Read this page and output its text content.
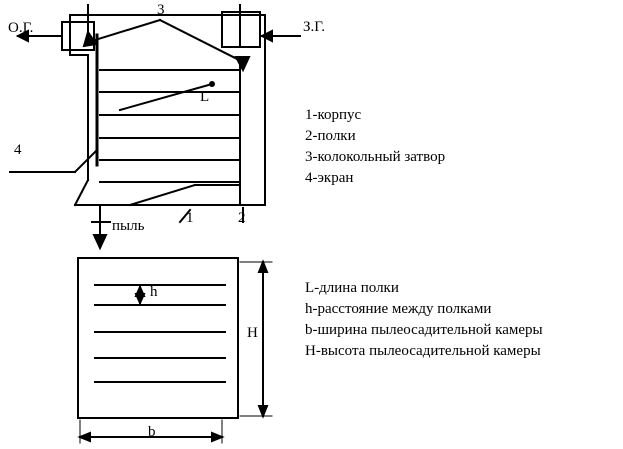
О.Г.	З.Г.
3
4
1	2
L
пыль
h
H
b
1-корпус
2-полки
3-колокольный затвор
4-экран
L-длина полки
h-расстояние между полками
b-ширина пылеосадительной камеры
H-высота пылеосадительной камеры
